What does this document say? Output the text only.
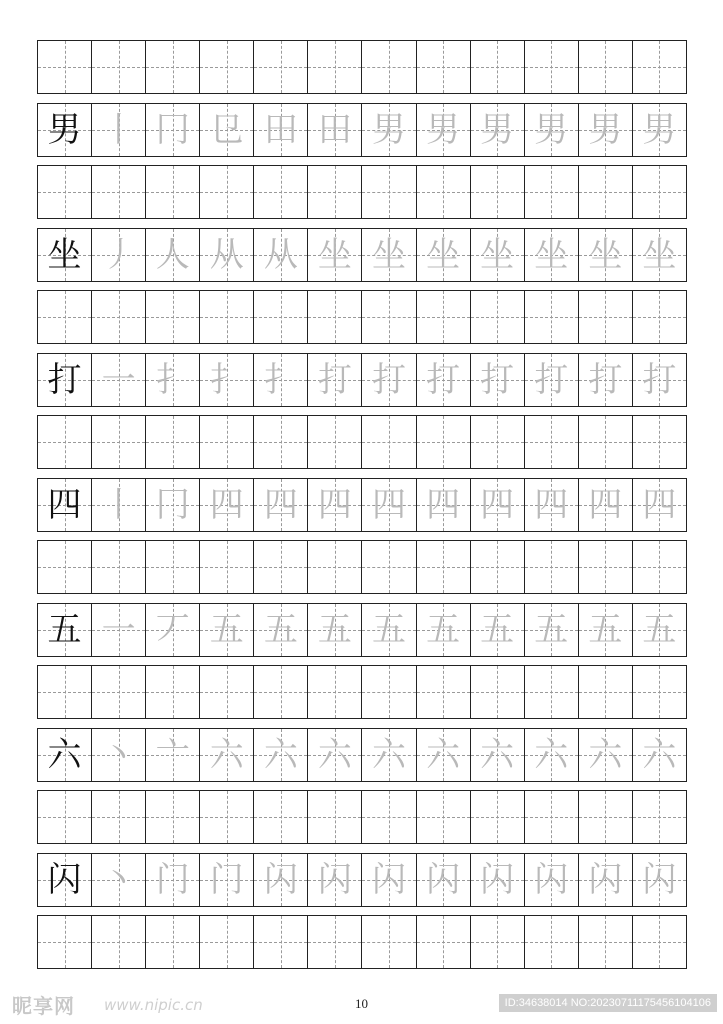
男 丨 冂 㔾 田 田 男 男 男 男 男 男
坐 丿 人 从 从 坐 坐 坐 坐 坐 坐 坐
打 一 扌 扌 扌 打 打 打 打 打 打 打
四 丨 冂 四 四 四 四 四 四 四 四 四
五 一 丆 五 五 五 五 五 五 五 五 五
六 丶 亠 六 六 六 六 六 六 六 六 六
闪 丶 门 门 闪 闪 闪 闪 闪 闪 闪 闪
昵享网 www.nipic.cn	10	ID:34638014 NO:20230711175456104106
